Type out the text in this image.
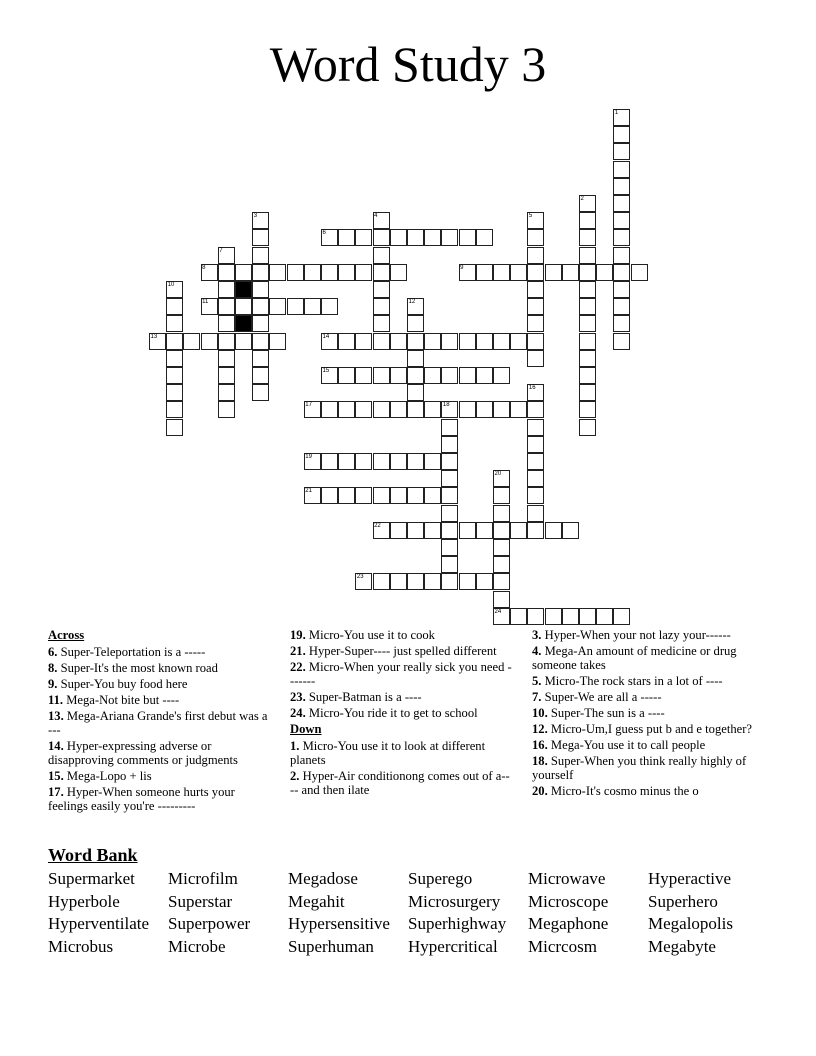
Word Study 3
1
2
3	4	5
6
7
8	9
10
11	12
13	14
15
16
17	18
19
20
21
22
23
24
Across
6. Super-Teleportation is a -----
8. Super-It's the most known road
9. Super-You buy food here
11. Mega-Not bite but ----
13. Mega-Ariana Grande's first debut was a ---
14. Hyper-expressing adverse or disapproving comments or judgments
15. Mega-Lopo + lis
17. Hyper-When someone hurts your feelings easily you're ---------
19. Micro-You use it to cook
21. Hyper-Super---- just spelled different
22. Micro-When your really sick you need -------
23. Super-Batman is a ----
24. Micro-You ride it to get to school
Down
1. Micro-You use it to look at different planets
2. Hyper-Air conditionong comes out of a---- and then ilate
3. Hyper-When your not lazy your------
4. Mega-An amount of medicine or drug someone takes
5. Micro-The rock stars in a lot of ----
7. Super-We are all a -----
10. Super-The sun is a ----
12. Micro-Um,I guess put b and e together?
16. Mega-You use it to call people
18. Super-When you think really highly of yourself
20. Micro-It's cosmo minus the o
Word Bank
Supermarket	Microfilm	Megadose	Superego	Microwave	Hyperactive
Hyperbole	Superstar	Megahit	Microsurgery	Microscope	Superhero
Hyperventilate	Superpower	Hypersensitive	Superhighway	Megaphone	Megalopolis
Microbus	Microbe	Superhuman	Hypercritical	Micrcosm	Megabyte
